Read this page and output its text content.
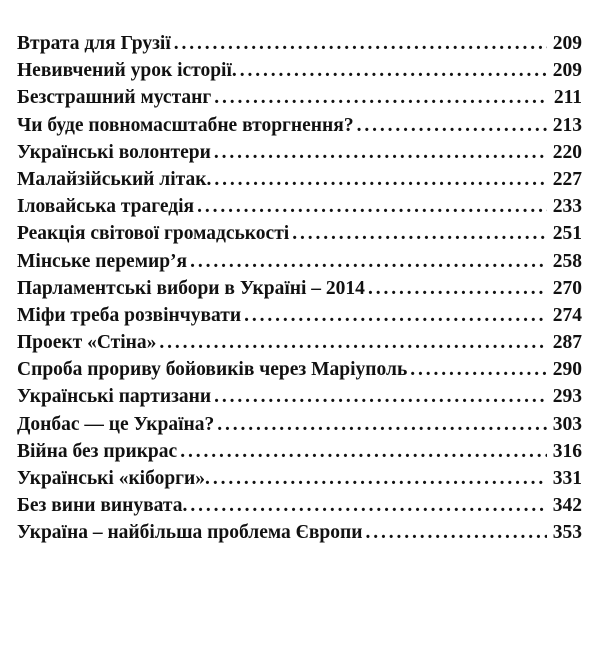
Втрата для Грузії . . .	209
Невивчений урок історії. . . .	209
Безстрашний мустанг . . .	211
Чи буде повномасштабне вторгнення? . . .	213
Українські волонтери . . .	220
Малайзійський літак. . . .	227
Іловайська трагедія . . .	233
Реакція світової громадськості . . .	251
Мінське перемир’я . . .	258
Парламентські вибори в Україні – 2014 . . .	270
Міфи треба розвінчувати . . .	274
Проект «Стіна» . . .	287
Спроба прориву бойовиків через Маріуполь . . .	290
Українські партизани . . .	293
Донбас — це Україна? . . .	303
Війна без прикрас . . .	316
Українські «кіборги». . . .	331
Без вини винувата. . . .	342
Україна – найбільша проблема Європи . . .	353
